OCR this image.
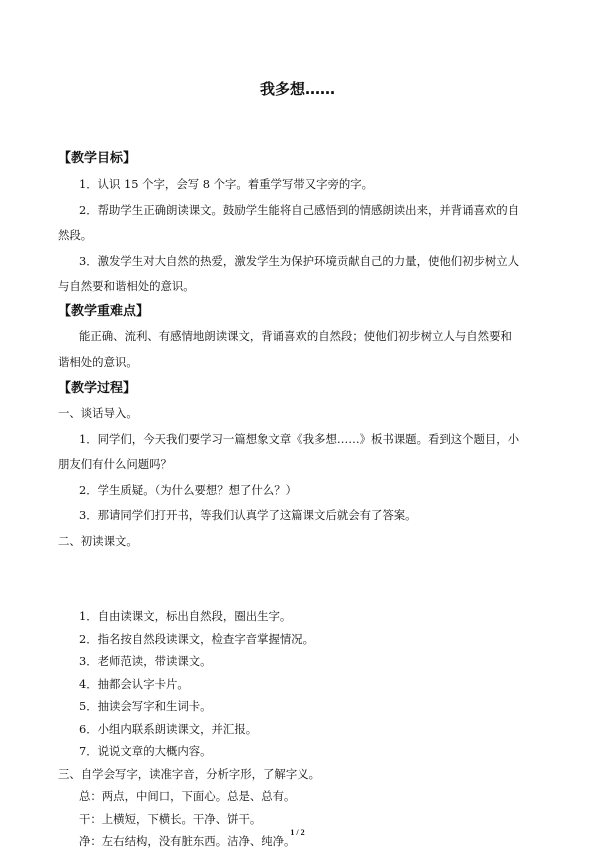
我多想……
【教学目标】
1．认识 15 个字，会写 8 个字。着重学写带又字旁的字。
2．帮助学生正确朗读课文。鼓励学生能将自己感悟到的情感朗读出来，并背诵喜欢的自
然段。
3．激发学生对大自然的热爱，激发学生为保护环境贡献自己的力量，使他们初步树立人
与自然要和谐相处的意识。
【教学重难点】
能正确、流利、有感情地朗读课文，背诵喜欢的自然段；使他们初步树立人与自然要和
谐相处的意识。
【教学过程】
一、谈话导入。
1．同学们，今天我们要学习一篇想象文章《我多想……》板书课题。看到这个题目，小
朋友们有什么问题吗？
2．学生质疑。（为什么要想？想了什么？）
3．那请同学们打开书，等我们认真学了这篇课文后就会有了答案。
二、初读课文。
1．自由读课文，标出自然段，圈出生字。
2．指名按自然段读课文，检查字音掌握情况。
3．老师范读，带读课文。
4．抽都会认字卡片。
5．抽读会写字和生词卡。
6．小组内联系朗读课文，并汇报。
7．说说文章的大概内容。
三、自学会写字，读准字音，分析字形，了解字义。
总：两点，中间口，下面心。总是、总有。
干：上横短，下横长。干净、饼干。
净：左右结构，没有脏东西。洁净、纯净。
1 / 2
